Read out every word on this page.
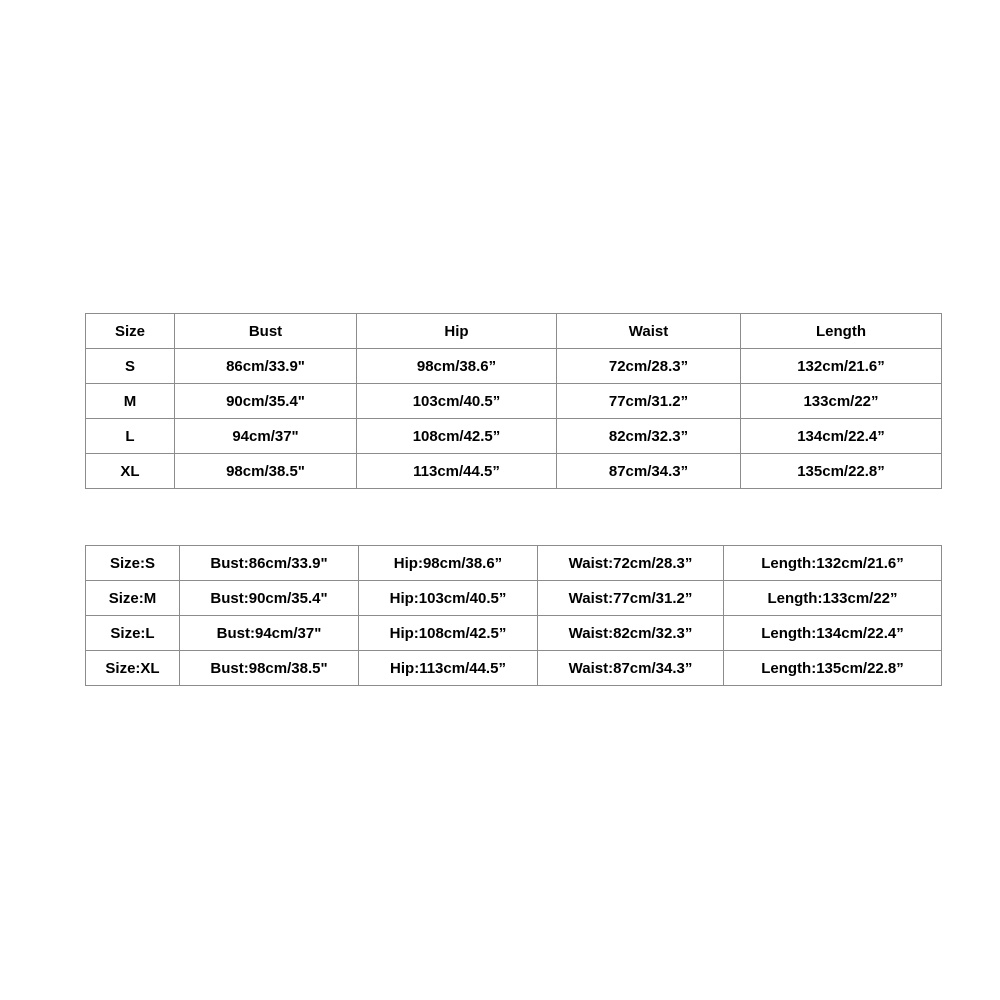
Size	Bust	Hip	Waist	Length
S	86cm/33.9"	98cm/38.6”	72cm/28.3”	132cm/21.6”
M	90cm/35.4"	103cm/40.5”	77cm/31.2”	133cm/22”
L	94cm/37"	108cm/42.5”	82cm/32.3”	134cm/22.4”
XL	98cm/38.5"	113cm/44.5”	87cm/34.3”	135cm/22.8”
Size:S	Bust:86cm/33.9"	Hip:98cm/38.6”	Waist:72cm/28.3”	Length:132cm/21.6”
Size:M	Bust:90cm/35.4"	Hip:103cm/40.5”	Waist:77cm/31.2”	Length:133cm/22”
Size:L	Bust:94cm/37"	Hip:108cm/42.5”	Waist:82cm/32.3”	Length:134cm/22.4”
Size:XL	Bust:98cm/38.5"	Hip:113cm/44.5”	Waist:87cm/34.3”	Length:135cm/22.8”
